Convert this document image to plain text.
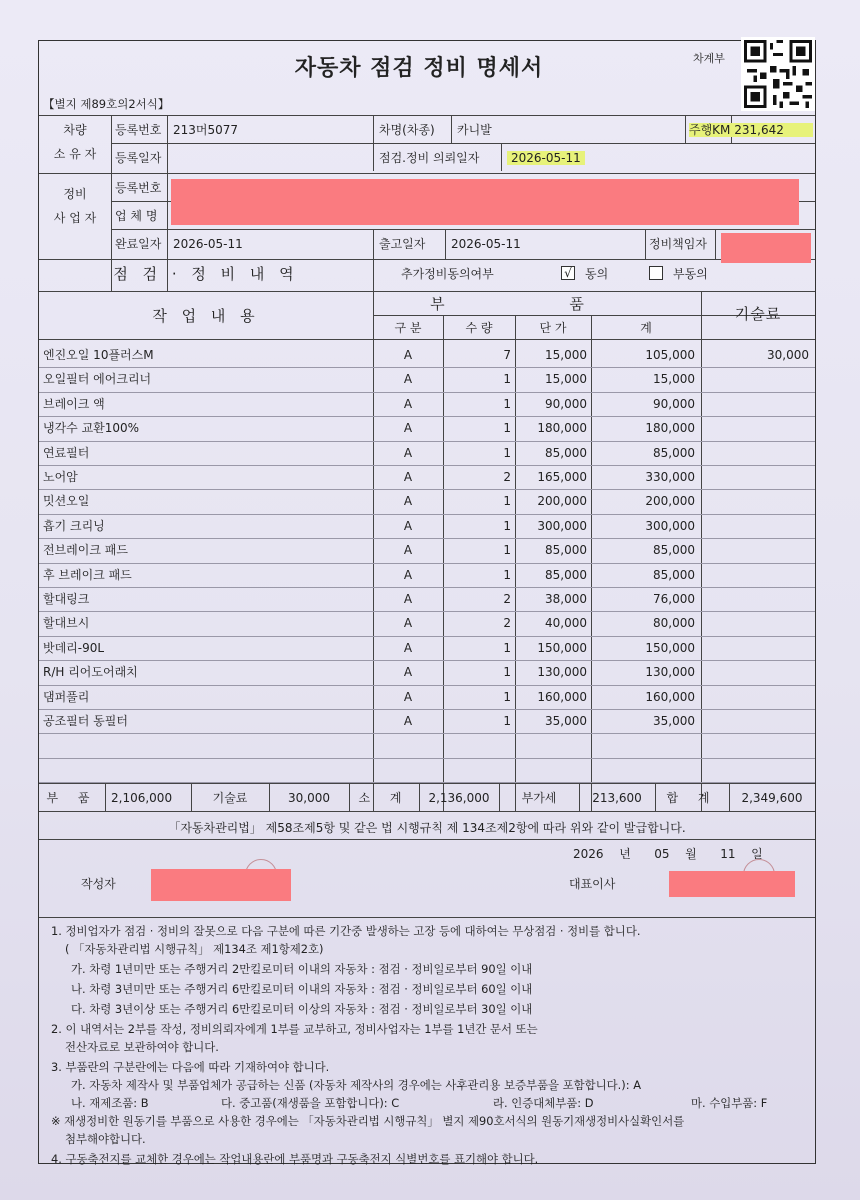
자동차 점검 정비 명세서	차계부
【별지 제89호의2서식】
차량
소 유 자
등록번호 213머5077	차명(차종) 카니발	주행KM 231,642
등록일자	점검.정비 의뢰일자	2026-05-11
정비
사 업 자
등록번호
업 체 명
완료일자 2026-05-11	출고일자 2026-05-11	정비책임자
점 검 · 정 비 내 역	추가정비동의여부	√ 동의	부동의
작 업 내 용
부 품
기술료
구 분	수 량	단 가	계
엔진오일 10플러스M	A	7	15,000	105,000	30,000
오일필터 에어크리너	A	1	15,000	15,000
브레이크 액	A	1	90,000	90,000
냉각수 교환100%	A	1	180,000	180,000
연료필터	A	1	85,000	85,000
노어암	A	2	165,000	330,000
밋션오일	A	1	200,000	200,000
흡기 크리닝	A	1	300,000	300,000
전브레이크 패드	A	1	85,000	85,000
후 브레이크 패드	A	1	85,000	85,000
할대링크	A	2	38,000	76,000
할대브시	A	2	40,000	80,000
밧데리-90L	A	1	150,000	150,000
R/H 리어도어래치	A	1	130,000	130,000
댐퍼풀리	A	1	160,000	160,000
공조필터 동필터	A	1	35,000	35,000
부 품	2,106,000	기술료	30,000	소 계	2,136,000	부가세	213,600	합 계	2,349,600
「자동차관리법」 제58조제5항 및 같은 법 시행규칙 제 134조제2항에 따라 위와 같이 발급합니다.
2026 년 05 월 11 일
작성자	대표이사
1. 정비업자가 점검 · 정비의 잘못으로 다음 구분에 따른 기간중 발생하는 고장 등에 대하여는 무상점검 · 정비를 합니다.
( 「자동차관리법 시행규칙」 제134조 제1항제2호)
가. 차령 1년미만 또는 주행거리 2만킬로미터 이내의 자동차 : 점검 · 정비일로부터 90일 이내
나. 차령 3년미만 또는 주행거리 6만킬로미터 이내의 자동차 : 점검 · 정비일로부터 60일 이내
다. 차령 3년이상 또는 주행거리 6만킬로미터 이상의 자동차 : 점검 · 정비일로부터 30일 이내
2. 이 내역서는 2부를 작성, 정비의뢰자에게 1부를 교부하고, 정비사업자는 1부를 1년간 문서 또는
전산자료로 보관하여야 합니다.
3. 부품란의 구분란에는 다음에 따라 기재하여야 합니다.
가. 자동차 제작사 및 부품업체가 공급하는 신품 (자동차 제작사의 경우에는 사후관리용 보증부품을 포함합니다.): A
나. 재제조품: B	다. 중고품(재생품을 포함합니다): C	라. 인증대체부품: D	마. 수입부품: F
※ 재생정비한 원동기를 부품으로 사용한 경우에는 「자동차관리법 시행규칙」 별지 제90호서식의 원동기재생정비사실확인서를
첨부해야합니다.
4. 구동축전지를 교체한 경우에는 작업내용란에 부품명과 구동축전지 식별번호를 표기해야 합니다.
